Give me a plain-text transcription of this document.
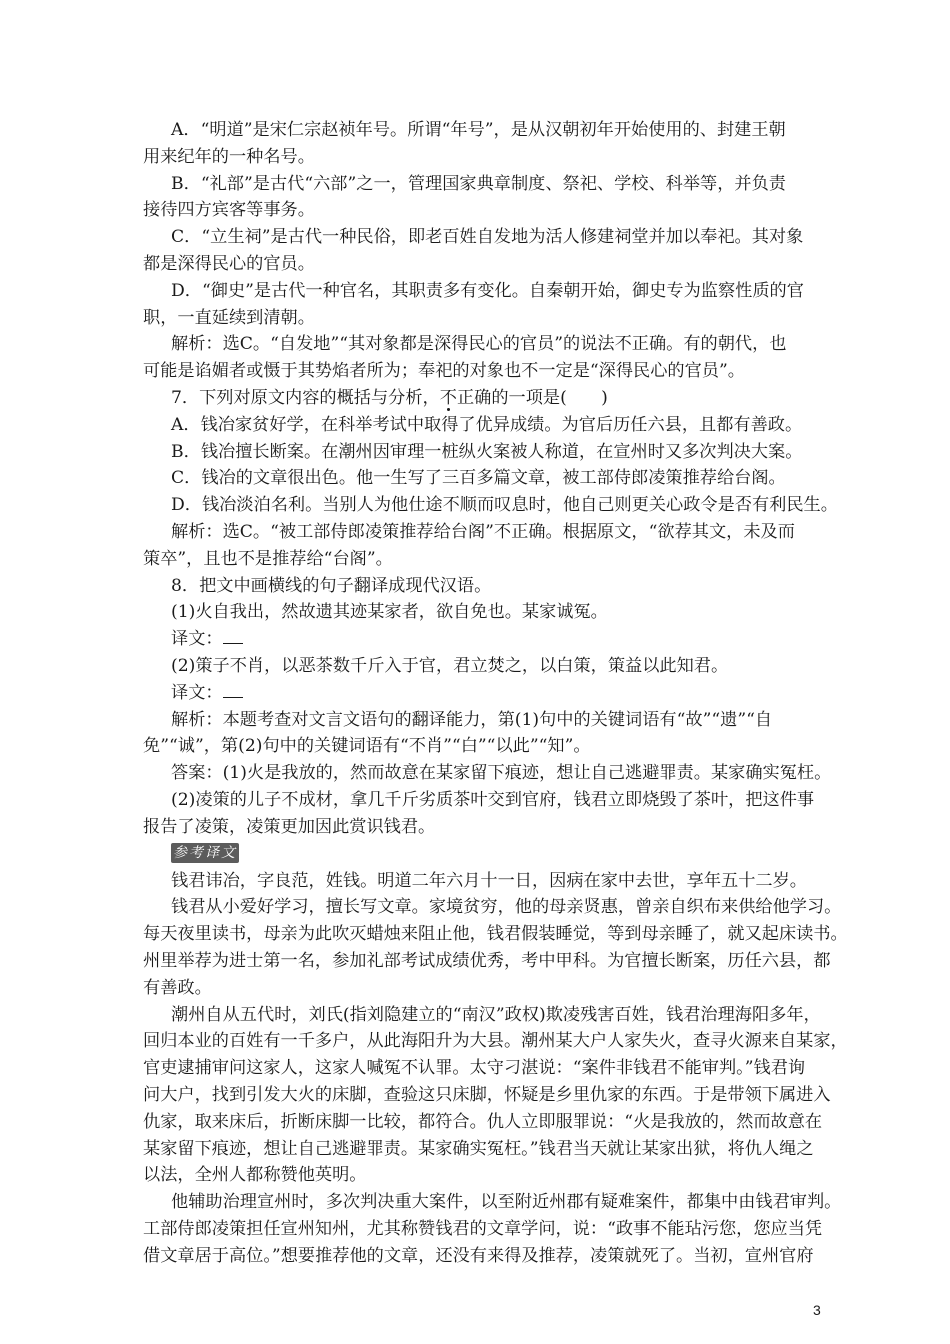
A．“明道”是宋仁宗赵祯年号。所谓“年号”，是从汉朝初年开始使用的、封建王朝
用来纪年的一种名号。
B．“礼部”是古代“六部”之一，管理国家典章制度、祭祀、学校、科举等，并负责
接待四方宾客等事务。
C．“立生祠”是古代一种民俗，即老百姓自发地为活人修建祠堂并加以奉祀。其对象
都是深得民心的官员。
D．“御史”是古代一种官名，其职责多有变化。自秦朝开始，御史专为监察性质的官
职，一直延续到清朝。
解析：选C。“自发地”“其对象都是深得民心的官员”的说法不正确。有的朝代，也
可能是谄媚者或慑于其势焰者所为；奉祀的对象也不一定是“深得民心的官员”。
7．下列对原文内容的概括与分析，不正确的一项是(　　)
A．钱冶家贫好学，在科举考试中取得了优异成绩。为官后历任六县，且都有善政。
B．钱冶擅长断案。在潮州因审理一桩纵火案被人称道，在宣州时又多次判决大案。
C．钱冶的文章很出色。他一生写了三百多篇文章，被工部侍郎凌策推荐给台阁。
D．钱冶淡泊名利。当别人为他仕途不顺而叹息时，他自己则更关心政令是否有利民生。
解析：选C。“被工部侍郎凌策推荐给台阁”不正确。根据原文，“欲荐其文，未及而
策卒”，且也不是推荐给“台阁”。
8．把文中画横线的句子翻译成现代汉语。
(1)火自我出，然故遗其迹某家者，欲自免也。某家诚冤。
译文：
(2)策子不肖，以恶茶数千斤入于官，君立焚之，以白策，策益以此知君。
译文：
解析：本题考查对文言文语句的翻译能力，第(1)句中的关键词语有“故”“遗”“自
免”“诚”，第(2)句中的关键词语有“不肖”“白”“以此”“知”。
答案：(1)火是我放的，然而故意在某家留下痕迹，想让自己逃避罪责。某家确实冤枉。
(2)凌策的儿子不成材，拿几千斤劣质茶叶交到官府，钱君立即烧毁了茶叶，把这件事
报告了凌策，凌策更加因此赏识钱君。
参考译文
钱君讳冶，字良范，姓钱。明道二年六月十一日，因病在家中去世，享年五十二岁。
钱君从小爱好学习，擅长写文章。家境贫穷，他的母亲贤惠，曾亲自织布来供给他学习。
每天夜里读书，母亲为此吹灭蜡烛来阻止他，钱君假装睡觉，等到母亲睡了，就又起床读书。
州里举荐为进士第一名，参加礼部考试成绩优秀，考中甲科。为官擅长断案，历任六县，都
有善政。
潮州自从五代时，刘氏(指刘隐建立的“南汉”政权)欺凌残害百姓，钱君治理海阳多年，
回归本业的百姓有一千多户，从此海阳升为大县。潮州某大户人家失火，查寻火源来自某家，
官吏逮捕审问这家人，这家人喊冤不认罪。太守刁湛说：“案件非钱君不能审判。”钱君询
问大户，找到引发大火的床脚，查验这只床脚，怀疑是乡里仇家的东西。于是带领下属进入
仇家，取来床后，折断床脚一比较，都符合。仇人立即服罪说：“火是我放的，然而故意在
某家留下痕迹，想让自己逃避罪责。某家确实冤枉。”钱君当天就让某家出狱，将仇人绳之
以法，全州人都称赞他英明。
他辅助治理宣州时，多次判决重大案件，以至附近州郡有疑难案件，都集中由钱君审判。
工部侍郎凌策担任宣州知州，尤其称赞钱君的文章学问，说：“政事不能玷污您，您应当凭
借文章居于高位。”想要推荐他的文章，还没有来得及推荐，凌策就死了。当初，宣州官府
3
